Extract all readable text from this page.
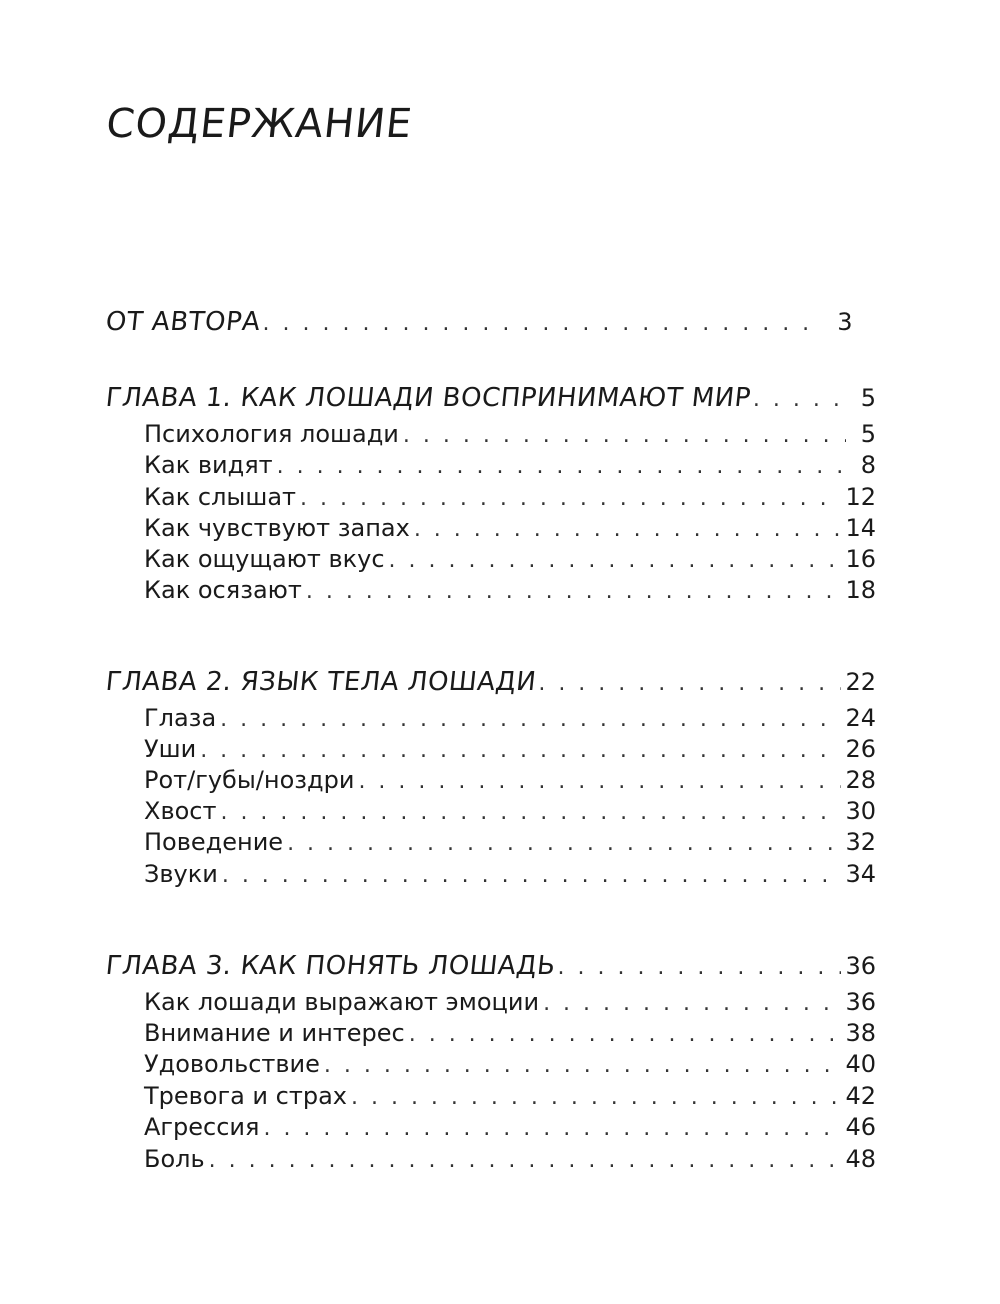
СОДЕРЖАНИЕ
ОТ АВТОРА . . .	3
ГЛАВА 1. КАК ЛОШАДИ ВОСПРИНИМАЮТ МИР . . .	5
Психология лошади . . .	5
Как видят . . .	8
Как слышат . . .	12
Как чувствуют запах . . .	14
Как ощущают вкус . . .	16
Как осязают . . .	18
ГЛАВА 2. ЯЗЫК ТЕЛА ЛОШАДИ . . .	22
Глаза . . .	24
Уши . . .	26
Рот/губы/ноздри . . .	28
Хвост . . .	30
Поведение . . .	32
Звуки . . .	34
ГЛАВА 3. КАК ПОНЯТЬ ЛОШАДЬ . . .	36
Как лошади выражают эмоции . . .	36
Внимание и интерес . . .	38
Удовольствие . . .	40
Тревога и страх . . .	42
Агрессия . . .	46
Боль . . .	48
